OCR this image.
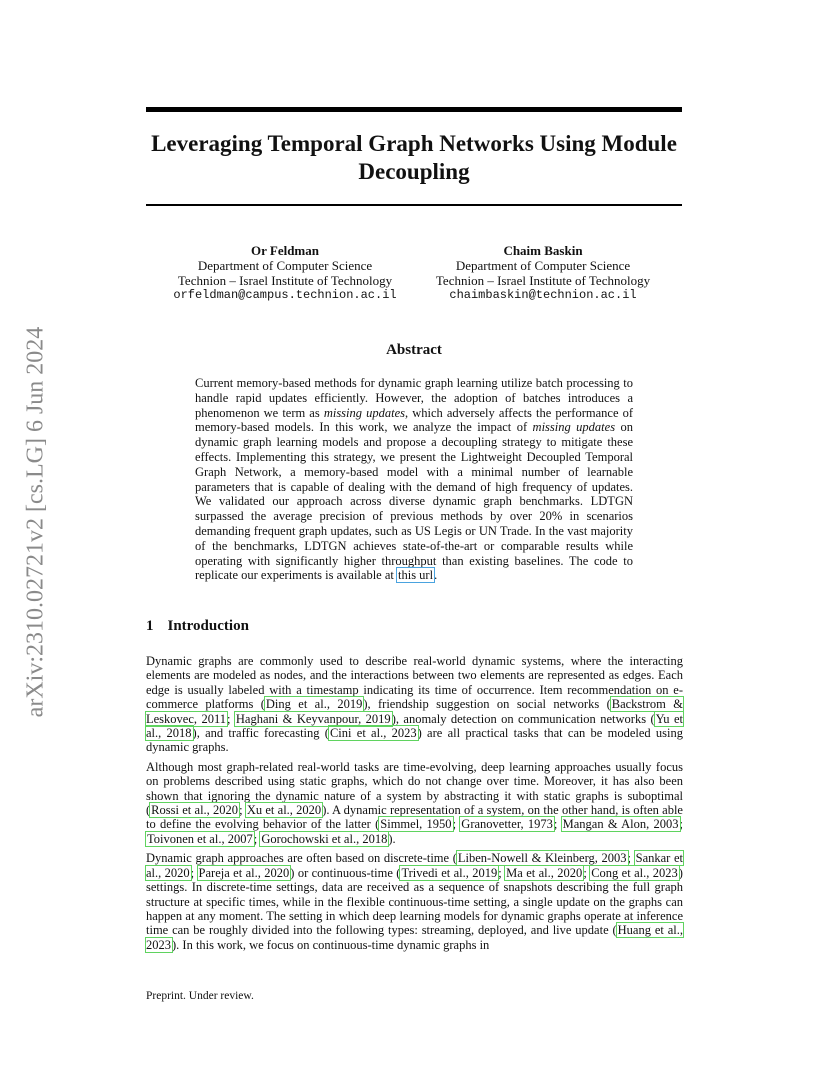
arXiv:2310.02721v2 [cs.LG] 6 Jun 2024
Leveraging Temporal Graph Networks Using Module Decoupling
Or Feldman
Department of Computer Science
Technion – Israel Institute of Technology
orfeldman@campus.technion.ac.il
Chaim Baskin
Department of Computer Science
Technion – Israel Institute of Technology
chaimbaskin@technion.ac.il
Abstract

Current memory-based methods for dynamic graph learning utilize batch processing to handle rapid updates efficiently. However, the adoption of batches introduces a phenomenon we term as missing updates, which adversely affects the performance of memory-based models. In this work, we analyze the impact of missing updates on dynamic graph learning models and propose a decoupling strategy to mitigate these effects. Implementing this strategy, we present the Lightweight Decoupled Temporal Graph Network, a memory-based model with a minimal number of learnable parameters that is capable of dealing with the demand of high frequency of updates. We validated our approach across diverse dynamic graph benchmarks. LDTGN surpassed the average precision of previous methods by over 20% in scenarios demanding frequent graph updates, such as US Legis or UN Trade. In the vast majority of the benchmarks, LDTGN achieves state-of-the-art or comparable results while operating with significantly higher throughput than existing baselines. The code to replicate our experiments is available at this url.

1 Introduction

Dynamic graphs are commonly used to describe real-world dynamic systems, where the interacting elements are modeled as nodes, and the interactions between two elements are represented as edges. Each edge is usually labeled with a timestamp indicating its time of occurrence. Item recommendation on e-commerce platforms (Ding et al., 2019), friendship suggestion on social networks (Backstrom & Leskovec, 2011; Haghani & Keyvanpour, 2019), anomaly detection on communication networks (Yu et al., 2018), and traffic forecasting (Cini et al., 2023) are all practical tasks that can be modeled using dynamic graphs.

Although most graph-related real-world tasks are time-evolving, deep learning approaches usually focus on problems described using static graphs, which do not change over time. Moreover, it has also been shown that ignoring the dynamic nature of a system by abstracting it with static graphs is suboptimal (Rossi et al., 2020; Xu et al., 2020). A dynamic representation of a system, on the other hand, is often able to define the evolving behavior of the latter (Simmel, 1950; Granovetter, 1973; Mangan & Alon, 2003; Toivonen et al., 2007; Gorochowski et al., 2018).

Dynamic graph approaches are often based on discrete-time (Liben-Nowell & Kleinberg, 2003; Sankar et al., 2020; Pareja et al., 2020) or continuous-time (Trivedi et al., 2019; Ma et al., 2020; Cong et al., 2023) settings. In discrete-time settings, data are received as a sequence of snapshots describing the full graph structure at specific times, while in the flexible continuous-time setting, a single update on the graphs can happen at any moment. The setting in which deep learning models for dynamic graphs operate at inference time can be roughly divided into the following types: streaming, deployed, and live update (Huang et al., 2023). In this work, we focus on continuous-time dynamic graphs in

Preprint. Under review.
